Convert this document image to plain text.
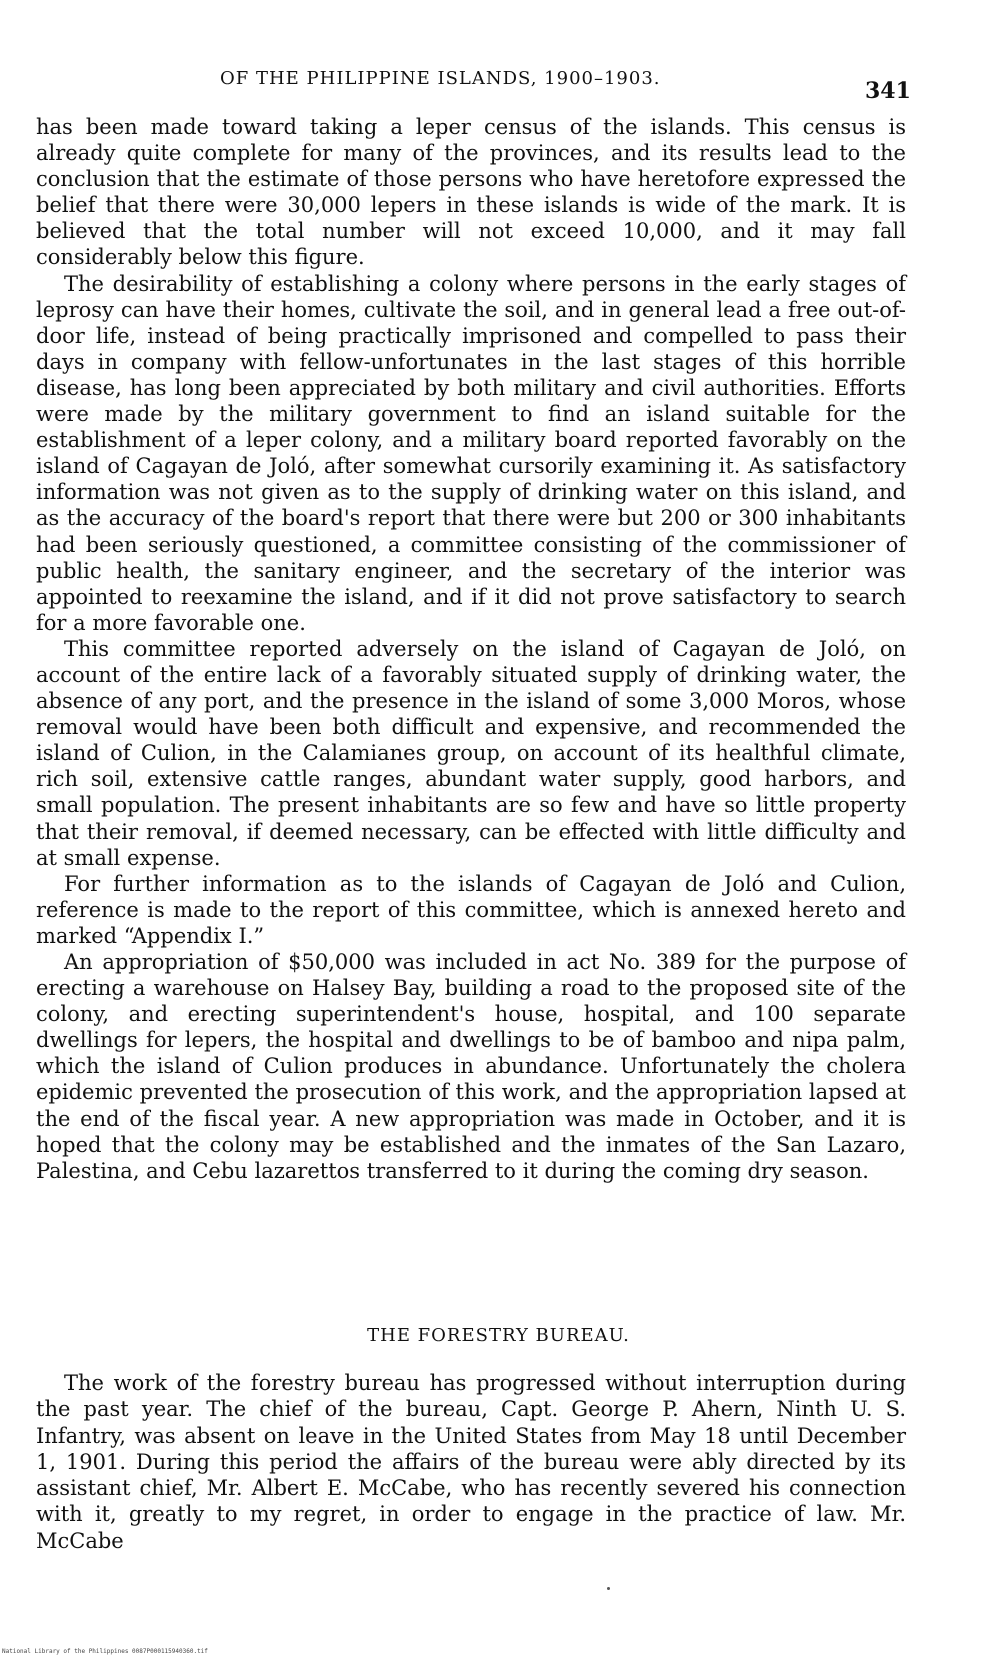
OF THE PHILIPPINE ISLANDS, 1900–1903.	341

has been made toward taking a leper census of the islands. This census is already quite complete for many of the provinces, and its results lead to the conclusion that the estimate of those persons who have heretofore expressed the belief that there were 30,000 lepers in these islands is wide of the mark. It is believed that the total number will not exceed 10,000, and it may fall considerably below this figure.

The desirability of establishing a colony where persons in the early stages of leprosy can have their homes, cultivate the soil, and in general lead a free out-of-door life, instead of being practically imprisoned and compelled to pass their days in company with fellow-unfortunates in the last stages of this horrible disease, has long been appreciated by both military and civil authorities. Efforts were made by the military government to find an island suitable for the establishment of a leper colony, and a military board reported favorably on the island of Cagayan de Joló, after somewhat cursorily examining it. As satisfactory information was not given as to the supply of drinking water on this island, and as the accuracy of the board's report that there were but 200 or 300 inhabitants had been seriously questioned, a committee consisting of the commissioner of public health, the sanitary engineer, and the secretary of the interior was appointed to reexamine the island, and if it did not prove satisfactory to search for a more favorable one.

This committee reported adversely on the island of Cagayan de Joló, on account of the entire lack of a favorably situated supply of drinking water, the absence of any port, and the presence in the island of some 3,000 Moros, whose removal would have been both difficult and expensive, and recommended the island of Culion, in the Calamianes group, on account of its healthful climate, rich soil, extensive cattle ranges, abundant water supply, good harbors, and small population. The present inhabitants are so few and have so little property that their removal, if deemed necessary, can be effected with little difficulty and at small expense.

For further information as to the islands of Cagayan de Joló and Culion, reference is made to the report of this committee, which is annexed hereto and marked “Appendix I.”

An appropriation of $50,000 was included in act No. 389 for the purpose of erecting a warehouse on Halsey Bay, building a road to the proposed site of the colony, and erecting superintendent's house, hospital, and 100 separate dwellings for lepers, the hospital and dwellings to be of bamboo and nipa palm, which the island of Culion produces in abundance. Unfortunately the cholera epidemic prevented the prosecution of this work, and the appropriation lapsed at the end of the fiscal year. A new appropriation was made in October, and it is hoped that the colony may be established and the inmates of the San Lazaro, Palestina, and Cebu lazarettos transferred to it during the coming dry season.

THE FORESTRY BUREAU.

The work of the forestry bureau has progressed without interruption during the past year. The chief of the bureau, Capt. George P. Ahern, Ninth U. S. Infantry, was absent on leave in the United States from May 18 until December 1, 1901. During this period the affairs of the bureau were ably directed by its assistant chief, Mr. Albert E. McCabe, who has recently severed his connection with it, greatly to my regret, in order to engage in the practice of law. Mr. McCabe

National Library of the Philippines 0087P000115940360.tif
